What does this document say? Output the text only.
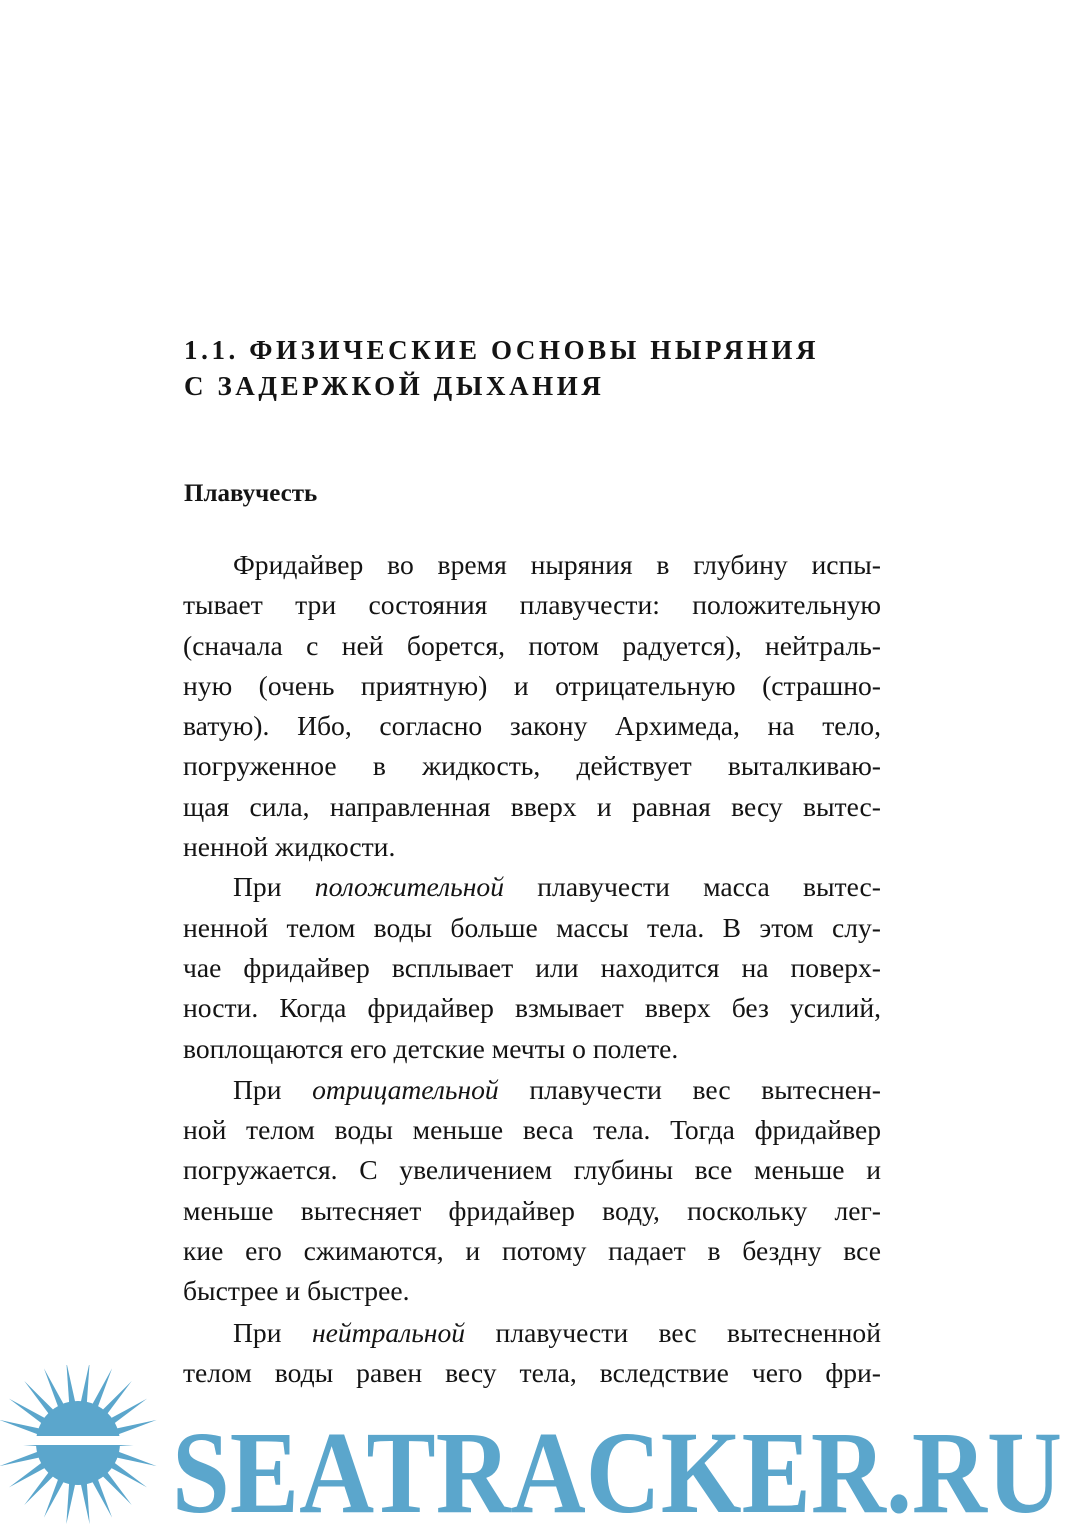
1.1. ФИЗИЧЕСКИЕ ОСНОВЫ НЫРЯНИЯ
С ЗАДЕРЖКОЙ ДЫХАНИЯ
Плавучесть

Фридайвер во время ныряния в глубину испы-
тывает три состояния плавучести: положительную
(сначала с ней борется, потом радуется), нейтраль-
ную (очень приятную) и отрицательную (страшно-
ватую). Ибо, согласно закону Архимеда, на тело,
погруженное в жидкость, действует выталкиваю-
щая сила, направленная вверх и равная весу вытес-
ненной жидкости.

При положительной плавучести масса вытес-
ненной телом воды больше массы тела. В этом слу-
чае фридайвер всплывает или находится на поверх-
ности. Когда фридайвер взмывает вверх без усилий,
воплощаются его детские мечты о полете.

При отрицательной плавучести вес вытеснен-
ной телом воды меньше веса тела. Тогда фридайвер
погружается. С увеличением глубины все меньше и
меньше вытесняет фридайвер воду, поскольку лег-
кие его сжимаются, и потому падает в бездну все
быстрее и быстрее.

При нейтральной плавучести вес вытесненной
телом воды равен весу тела, вследствие чего фри-

SEATRACKER.RU
